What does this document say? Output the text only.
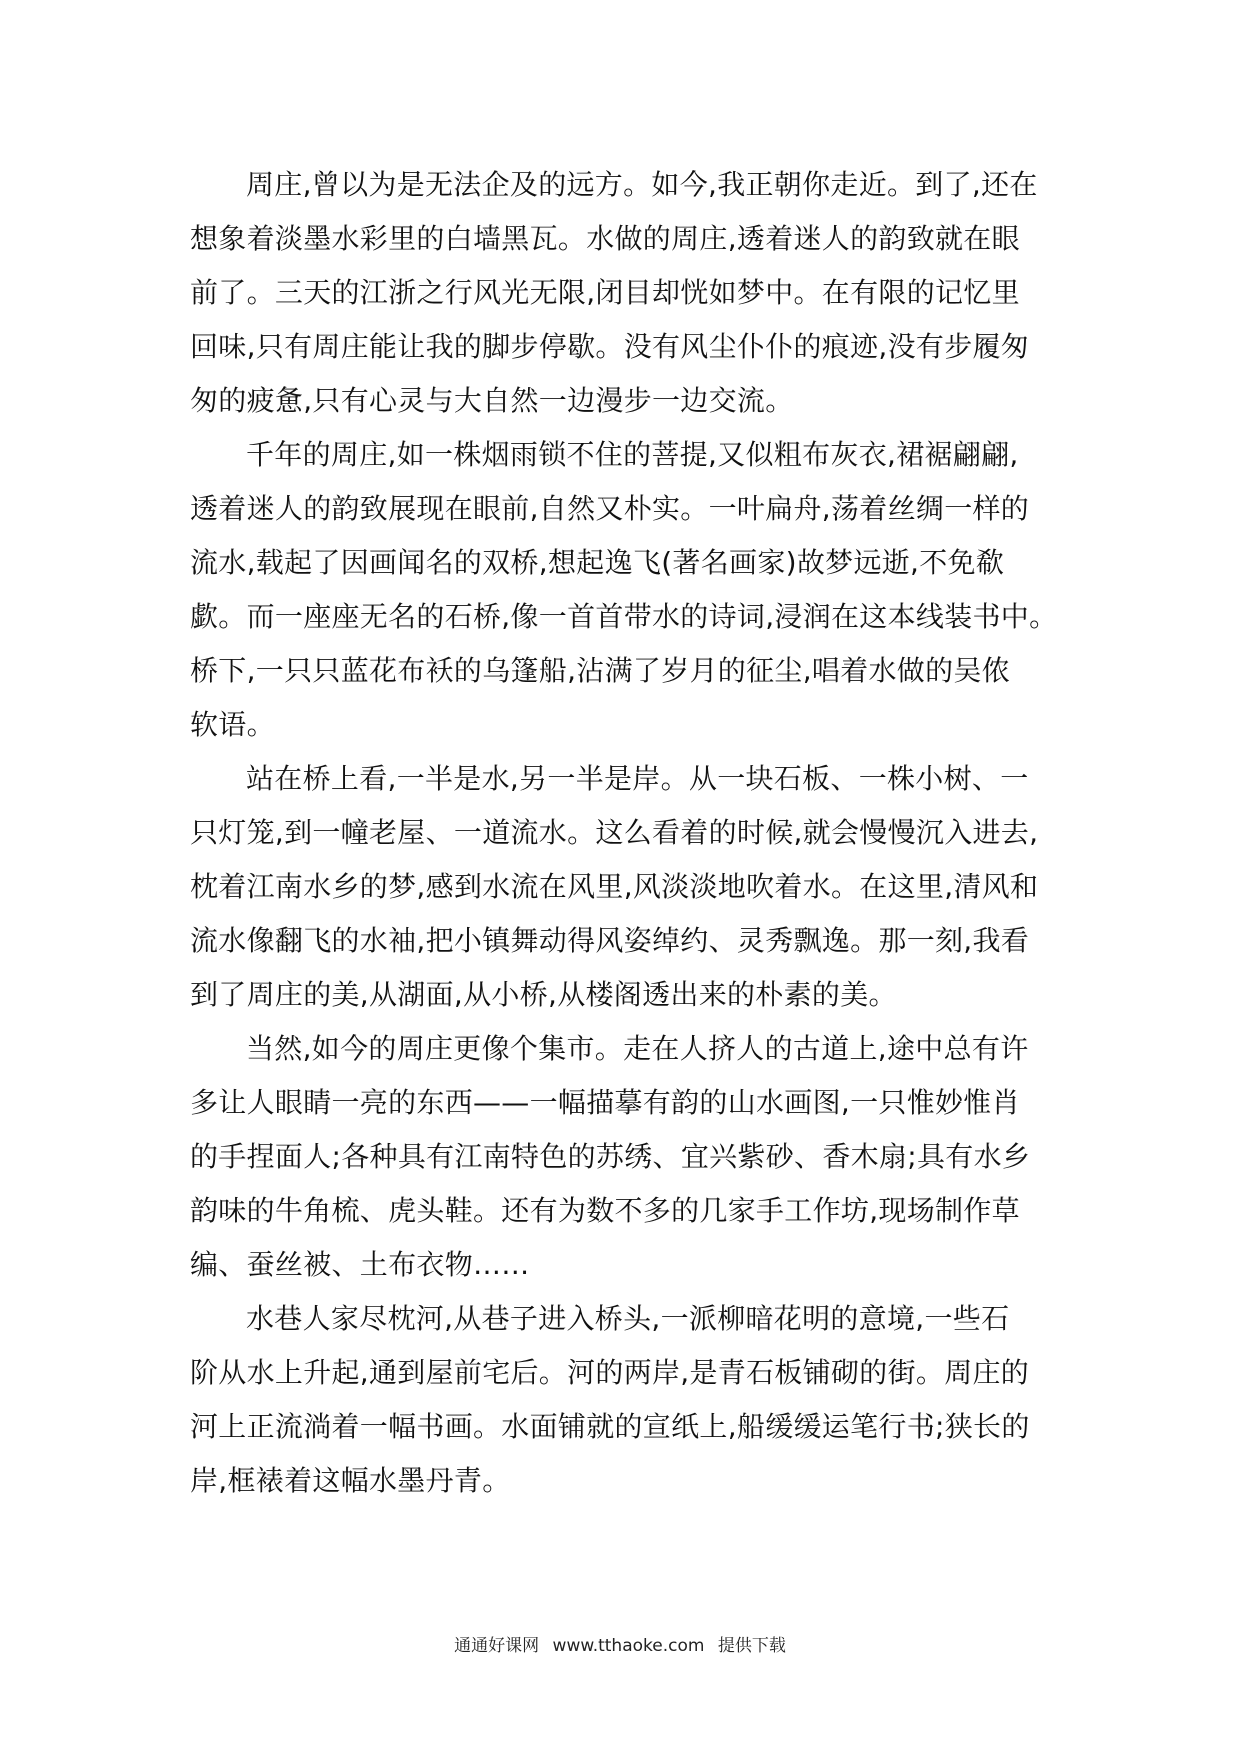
周庄,曾以为是无法企及的远方。如今,我正朝你走近。到了,还在
想象着淡墨水彩里的白墙黑瓦。水做的周庄,透着迷人的韵致就在眼
前了。三天的江浙之行风光无限,闭目却恍如梦中。在有限的记忆里
回味,只有周庄能让我的脚步停歇。没有风尘仆仆的痕迹,没有步履匆
匆的疲惫,只有心灵与大自然一边漫步一边交流。

千年的周庄,如一株烟雨锁不住的菩提,又似粗布灰衣,裙裾翩翩,
透着迷人的韵致展现在眼前,自然又朴实。一叶扁舟,荡着丝绸一样的
流水,载起了因画闻名的双桥,想起逸飞(著名画家)故梦远逝,不免欷
歔。而一座座无名的石桥,像一首首带水的诗词,浸润在这本线装书中。
桥下,一只只蓝花布袄的乌篷船,沾满了岁月的征尘,唱着水做的吴侬
软语。

站在桥上看,一半是水,另一半是岸。从一块石板、一株小树、一
只灯笼,到一幢老屋、一道流水。这么看着的时候,就会慢慢沉入进去,
枕着江南水乡的梦,感到水流在风里,风淡淡地吹着水。在这里,清风和
流水像翻飞的水袖,把小镇舞动得风姿绰约、灵秀飘逸。那一刻,我看
到了周庄的美,从湖面,从小桥,从楼阁透出来的朴素的美。

当然,如今的周庄更像个集市。走在人挤人的古道上,途中总有许
多让人眼睛一亮的东西——一幅描摹有韵的山水画图,一只惟妙惟肖
的手捏面人;各种具有江南特色的苏绣、宜兴紫砂、香木扇;具有水乡
韵味的牛角梳、虎头鞋。还有为数不多的几家手工作坊,现场制作草
编、蚕丝被、土布衣物……

水巷人家尽枕河,从巷子进入桥头,一派柳暗花明的意境,一些石
阶从水上升起,通到屋前宅后。河的两岸,是青石板铺砌的街。周庄的
河上正流淌着一幅书画。水面铺就的宣纸上,船缓缓运笔行书;狭长的
岸,框裱着这幅水墨丹青。

通通好课网 www.tthaoke.com 提供下载
